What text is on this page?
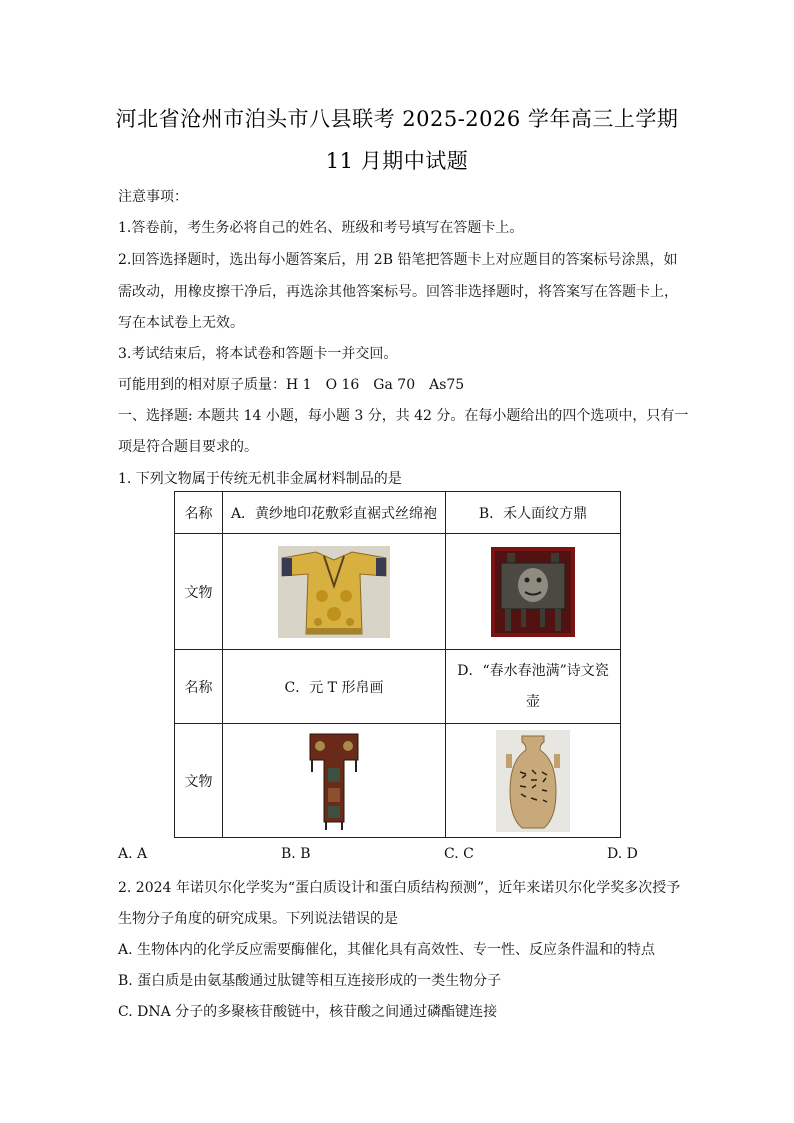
河北省沧州市泊头市八县联考 2025-2026 学年高三上学期
11 月期中试题
注意事项：
1.答卷前，考生务必将自己的姓名、班级和考号填写在答题卡上。
2.回答选择题时，选出每小题答案后，用 2B 铅笔把答题卡上对应题目的答案标号涂黑，如
需改动，用橡皮擦干净后，再选涂其他答案标号。回答非选择题时，将答案写在答题卡上，
写在本试卷上无效。
3.考试结束后，将本试卷和答题卡一并交回。
可能用到的相对原子质量：H 1　O 16　Ga 70　As75
一、选择题: 本题共 14 小题，每小题 3 分，共 42 分。在每小题给出的四个选项中，只有一
项是符合题目要求的。
1. 下列文物属于传统无机非金属材料制品的是
名称	A．黄纱地印花敷彩直裾式丝绵袍	B．禾人面纹方鼎
文物	

名称	C．元 T 形帛画	D．“春水春池满”诗文瓷
壶
文物	

A. A	B. B	C. C	D. D
2. 2024 年诺贝尔化学奖为“蛋白质设计和蛋白质结构预测”，近年来诺贝尔化学奖多次授予
生物分子角度的研究成果。下列说法错误的是
A. 生物体内的化学反应需要酶催化，其催化具有高效性、专一性、反应条件温和的特点
B. 蛋白质是由氨基酸通过肽键等相互连接形成的一类生物分子
C. DNA 分子的多聚核苷酸链中，核苷酸之间通过磷酯键连接
